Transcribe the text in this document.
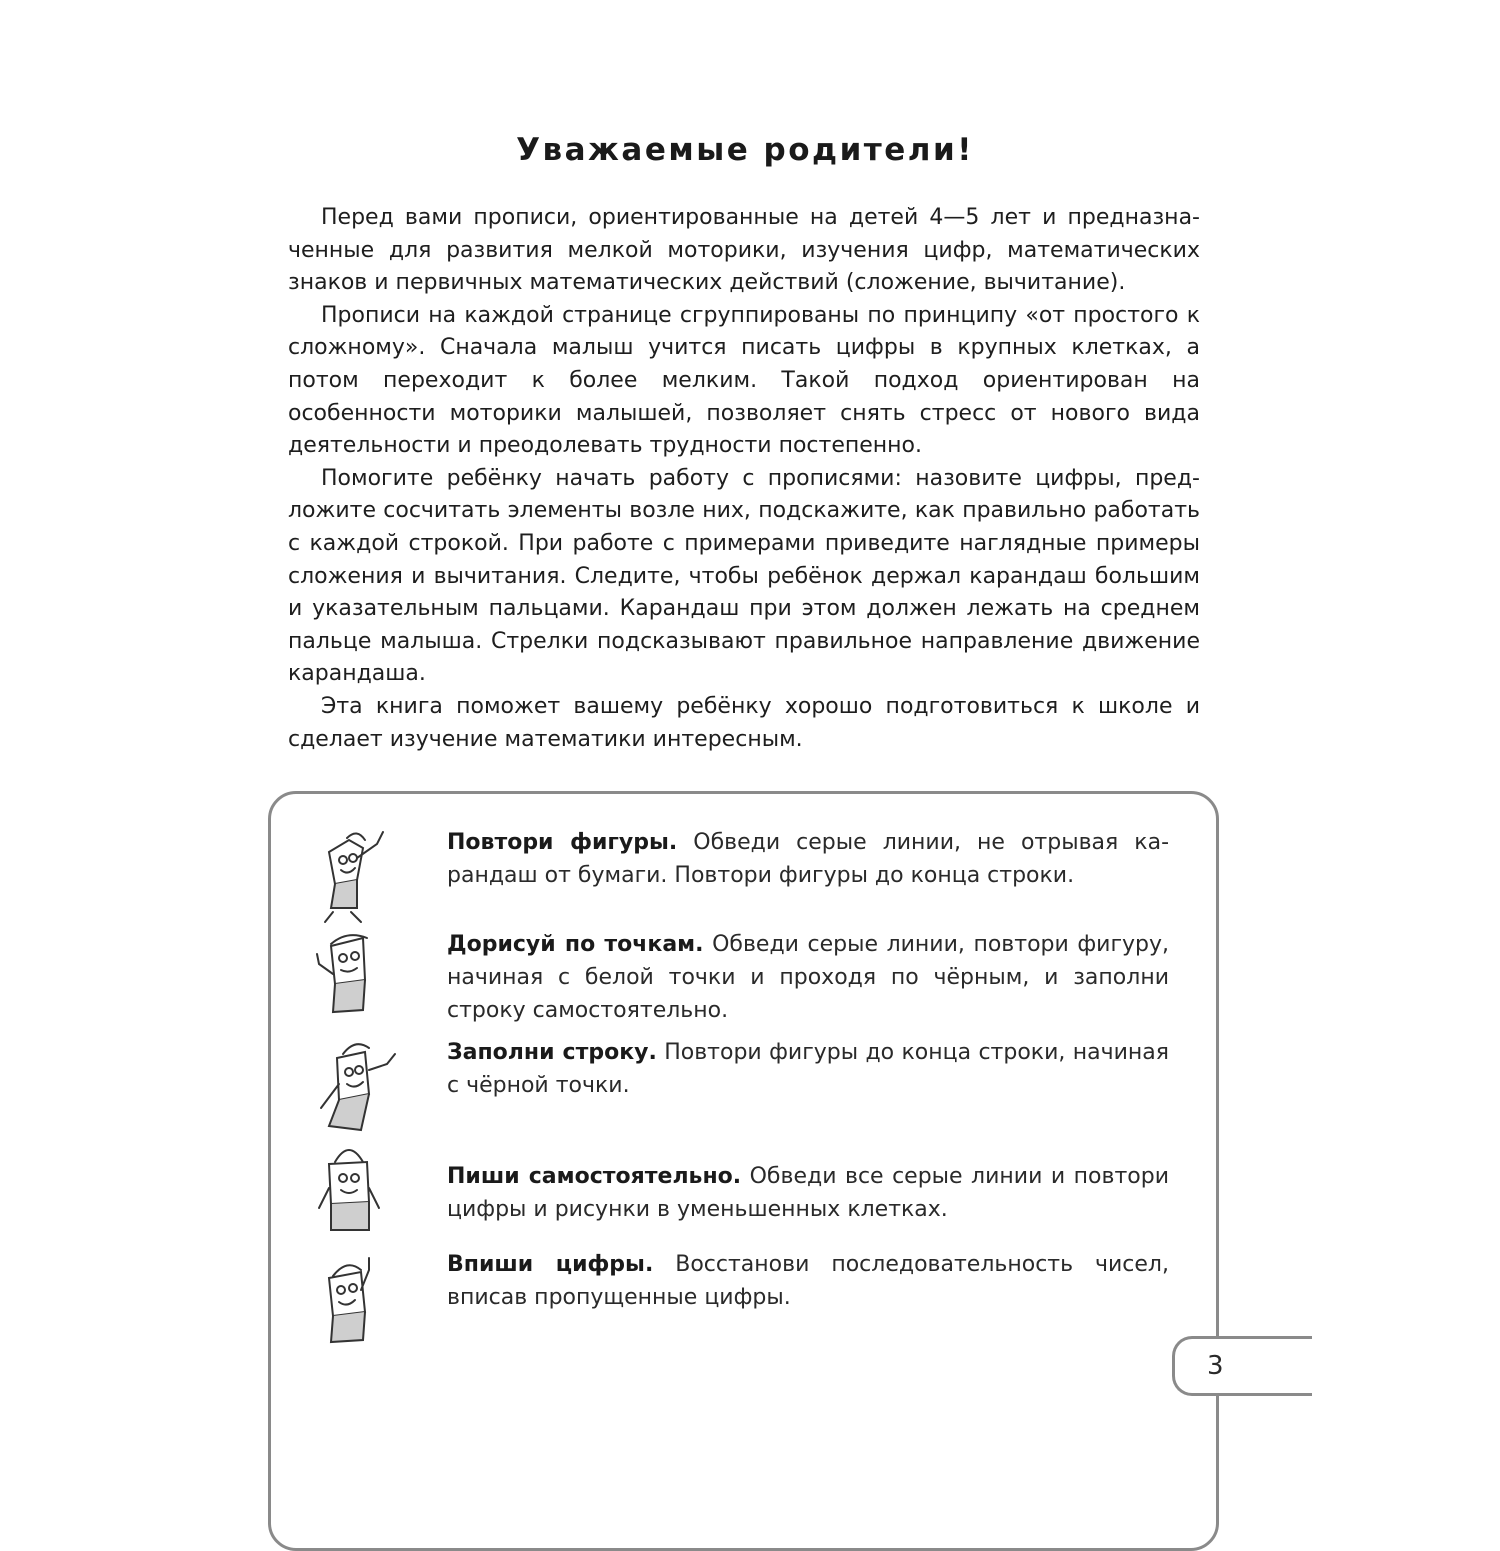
Уважаемые родители!

Перед вами прописи, ориентированные на детей 4—5 лет и предназначенные для развития мелкой моторики, изучения цифр, математических знаков и первичных математических действий (сложение, вычитание).

Прописи на каждой странице сгруппированы по принципу «от простого к сложному». Сначала малыш учится писать цифры в крупных клетках, а потом переходит к более мелким. Такой подход ориентирован на особенности моторики малышей, позволяет снять стресс от нового вида деятельности и преодолевать трудности постепенно.

Помогите ребёнку начать работу с прописями: назовите цифры, предложите сосчитать элементы возле них, подскажите, как правильно работать с каждой строкой. При работе с примерами приведите наглядные примеры сложения и вычитания. Следите, чтобы ребёнок держал карандаш большим и указательным пальцами. Карандаш при этом должен лежать на среднем пальце малыша. Стрелки подсказывают правильное направление движение карандаша.

Эта книга поможет вашему ребёнку хорошо подготовиться к школе и сделает изучение математики интересным.

Повтори фигуры. Обведи серые линии, не отрывая карандаш от бумаги. Повтори фигуры до конца строки.

Дорисуй по точкам. Обведи серые линии, повтори фигуру, начиная с белой точки и проходя по чёрным, и заполни строку самостоятельно.

Заполни строку. Повтори фигуры до конца строки, начиная с чёрной точки.

Пиши самостоятельно. Обведи все серые линии и повтори цифры и рисунки в уменьшенных клетках.

Впиши цифры. Восстанови последовательность чисел, вписав пропущенные цифры.

3
